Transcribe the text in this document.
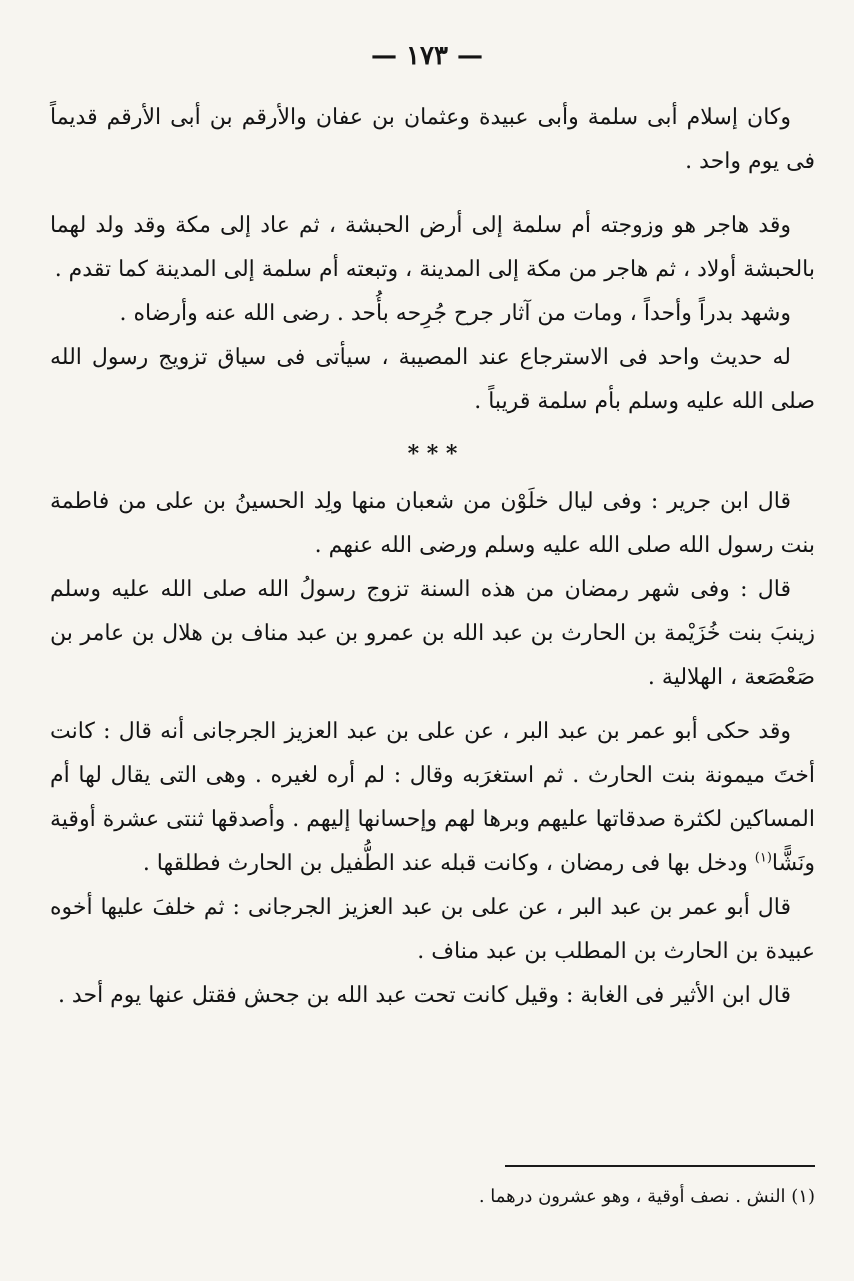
— ١٧٣ —

وكان إسلام أبى سلمة وأبى عبيدة وعثمان بن عفان والأرقم بن أبى الأرقم قديماً فى يوم واحد .

وقد هاجر هو وزوجته أم سلمة إلى أرض الحبشة ، ثم عاد إلى مكة وقد ولد لهما بالحبشة أولاد ، ثم هاجر من مكة إلى المدينة ، وتبعته أم سلمة إلى المدينة كما تقدم .

وشهد بدراً وأحداً ، ومات من آثار جرح جُرِحه بأُحد . رضى الله عنه وأرضاه .

له حديث واحد فى الاسترجاع عند المصيبة ، سيأتى فى سياق تزويج رسول الله صلى الله عليه وسلم بأم سلمة قريباً .

* * *

قال ابن جرير : وفى ليال خلَوْن من شعبان منها ولِد الحسينُ بن على من فاطمة بنت رسول الله صلى الله عليه وسلم ورضى الله عنهم .

قال : وفى شهر رمضان من هذه السنة تزوج رسولُ الله صلى الله عليه وسلم زينبَ بنت خُزَيْمة بن الحارث بن عبد الله بن عمرو بن عبد مناف بن هلال بن عامر بن صَعْصَعة ، الهلالية .

وقد حكى أبو عمر بن عبد البر ، عن على بن عبد العزيز الجرجانى أنه قال : كانت أختَ ميمونة بنت الحارث . ثم استغرَبه وقال : لم أره لغيره . وهى التى يقال لها أم المساكين لكثرة صدقاتها عليهم وبرها لهم وإحسانها إليهم . وأصدقها ثنتى عشرة أوقية ونَشًّا$^{(١)}$ ودخل بها فى رمضان ، وكانت قبله عند الطُّفيل بن الحارث فطلقها .

قال أبو عمر بن عبد البر ، عن على بن عبد العزيز الجرجانى : ثم خلفَ عليها أخوه عبيدة بن الحارث بن المطلب بن عبد مناف .

قال ابن الأثير فى الغابة : وقيل كانت تحت عبد الله بن جحش فقتل عنها يوم أحد .

(١) النش . نصف أوقية ، وهو عشرون درهما .
